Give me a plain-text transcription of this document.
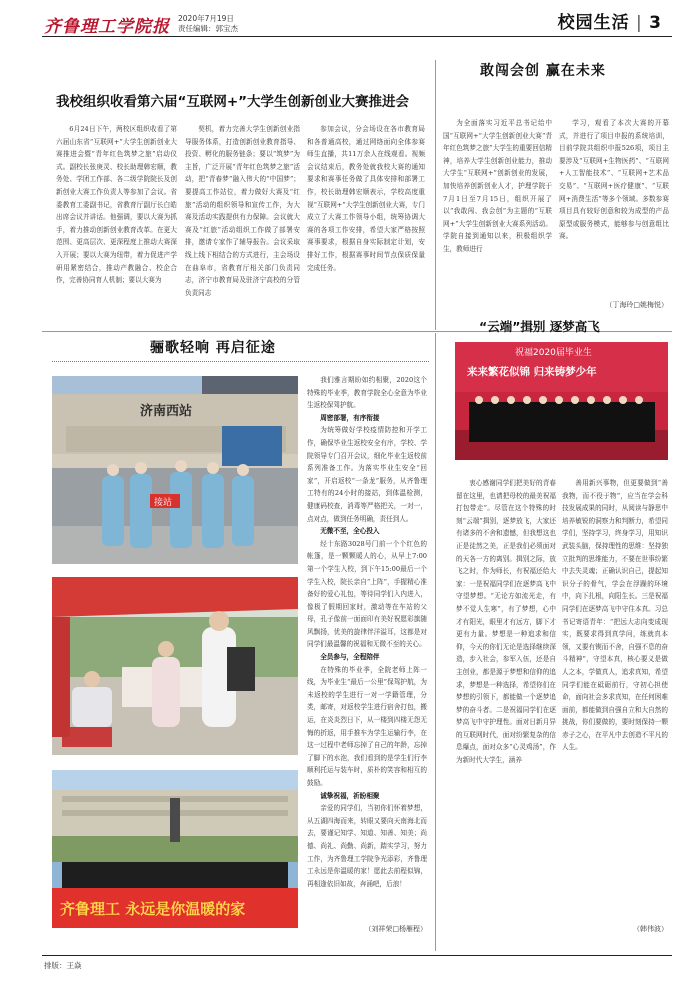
齐鲁理工学院报 2020年7月19日
责任编辑：郭宝杰	校园生活 | 3
我校组织收看第六届“互联网+”大学生创新创业大赛推进会

6月24日下午，两校区组织收看了第六届山东省“互联网+”大学生创新创业大赛推进会暨“青年红色筑梦之旅”启动仪式。副校长张庚灵、校长助理韩宏顺，教务处、学团工作部、各二级学院院长及创新创业大赛工作负责人等参加了会议。省委教育工委副书记，省教育厅副厅长白皓出席会议并讲话。他强调，要以大赛为抓手，着力推动创新创业教育改革。在更大范围、更高层次、更深程度上推动大赛深入开展；要以大赛为纽带，着力促进产学研用紧密结合，推动产教融合、校企合作，完善协同育人机制；要以大赛为

契机，着力完善大学生创新创业指导服务体系，打造创新创业教育指导、投资、孵化的服务链条；要以“筑梦”为主旨，广泛开展“青年红色筑梦之旅”活动，把“青春梦”融入伟大的“中国梦”；要提高工作站位，着力做好大赛及“红旅”活动的组织领导和宣传工作，为大赛及活动实践提供有力保障。会议就大赛及“红旅”活动组织工作做了部署安排，邀请专家作了辅导报告。会议采取线上线下相结合的方式进行，主会场设在曲阜市，省教育厅相关部门负责同志，济宁市教育局及驻济宁高校的分管负责同志

参加会议，分会场设在各市教育局和各普通高校，通过网络面向全体参赛师生直播，共11万余人在线观看。视频会议结束后，教务处就我校大赛的通知要求和赛事任务做了具体安排和部署工作，校长助理韩宏顺表示，学校高度重视“互联网+”大学生创新创业大赛，专门成立了大赛工作领导小组，统筹协调大赛的各项工作安排，希望大家严格按照赛事要求，根据自身实际制定计划，安排好工作，根据赛事时间节点保质保量完成任务。

敢闯会创 赢在未来

为全面落实习近平总书记给中国“互联网+”大学生创新创业大赛“青年红色筑梦之旅”大学生的重要回信精神，培养大学生创新创业能力，推动大学生“互联网+”创新创业的发展，加快培养创新创业人才，护理学院于7月1日至7月15日，组织开展了以“我敢闯、我会创”为主题的“互联网+”大学生创新创业大赛系列活动。学院自接到通知以来，积极组织学生，教师进行

学习，观看了本次大赛的开幕式，并进行了项目申报的系统培训，目前学院共组织申报526项，项目主要涉及“互联网+生物医药”、“互联网+人工智能技术”、“互联网+艺术品交易”、“互联网+医疗健康”、“互联网+消费生活”等多个领域。多数参赛项目具有较好创意和较为成型的产品原型或服务模式，能够参与创意组比赛。

（丁海玲□姚梅悦）
骊歌轻响 再启征途
济南西站
接站
齐鲁理工 永远是你温暖的家

我们雅言期盼如约相聚，2020这个特殊的毕业季，教育学院全心全意为毕业生返校保驾护航。

周密部署，有序衔接

为统筹做好学校疫情防控和开学工作，确保毕业生返校安全有序，学校、学院领导专门召开会议，细化毕业生返校前系列准备工作。为落实毕业生安全“回家”，开启返校“一条龙”服务，从齐鲁理工特有的24小时的接站，到体温检测，健康码校查，消毒等严格把关，一对一，点对点，做到任务明确，责任到人。

无微不至，全心投入

经十东路3028号门前一个个红色的帐篷，是一颗颗暖人的心，从早上7:00第一个学生入校，到下午15:00最后一个学生入校，院长亲自“上阵”，手握精心准备好的爱心礼包，等待同学们入内进入，像极了假期回家时，激动等在车站的父母，孔子像前一面面印有美好祝愿彩旗随风飘扬，优美的旋律伴洋溢耳，这都是对同学们最温馨的祝福和无微不至的关心。

全员参与，全程陪伴

在特殊的毕业季，全院老师上阵一线，为毕业生“最后一公里”保驾护航，为未返校的学生进行一对一学籍管理，分类，邮寄，对返校学生进行宿舍打包，搬运，在炎炎烈日下，从一楼到四楼无怨无悔的折返，用手推车为学生运输行李，在这一过程中老师忘掉了自己的年龄，忘掉了脚下的水泡，我们看到的是学生们行李顺利托运与装车时，质朴的笑容和相互的鼓励。

诚挚祝福，祈盼相聚

亲爱的同学们，当初你们怀着梦想，从五湖四海而来，转眼又要向天南海北而去，要谨记知学、知道、知善、知美；尚德、尚礼、尚勤、尚新，踏实学习，努力工作，为齐鲁理工学院争光添彩，齐鲁理工永远是你温暖的家！愿此去前程似锦，再相逢依旧如故，奔涌吧，后浪！

（刘祥荣□杨雁程）
“云端”揖别 逐梦高飞
祝福2020届毕业生
来来繁花似锦 归来铸梦少年

衷心感谢同学们把美好的青春留在这里，也请把母校的最美祝福打包带走”。尽管在这个特殊的时刻“云端”揖别，逐梦放飞，大家还有诸多的不舍和遗憾，但我想这也正是徒然之美，正是我们必须面对的天各一方的离别。揖别之际，放飞之时，作为师长，有祝福还给大家：一是祝福同学们在逐梦高飞中守望梦想。“无论方如流光走，有梦不觉人生寒”，有了梦想，心中才有阳光，眼里才有远方，脚下才更有力量。梦想是一种追求和信仰，今天的你们无论是选择继续深造，步入社会，参军入伍，还是自主创业，都是源于梦想和信仰的追求，梦想是一种选择，希望你们在梦想的引领下，都能做一个逐梦追梦的奋斗者。二是祝福同学们在逐梦高飞中守护理性。面对日新月异的互联网时代，面对纷繁复杂的信息爆点，面对众多“心灵鸡汤”，作为新时代大学生，涵养

善用新兴事物，但更要做到“善我物，而不役于物”，应当在学会科技发展成果的同时，从阅读与静思中培养敏锐的洞察力和判断力，希望同学们，坚持学习，终身学习，用知识武装头脑，保持理性的思维：坚持独立批判的思维能力，不要在世事纷繁中去失灵魂；正确认识自己，提起知识分子的骨气，学会在浮躁的环境中，向下扎根，向阳生长。三是祝福同学们在逐梦高飞中守住本真。习总书记寄语青年：“把远大志向变成现实，既要求得到真学问，练就真本领，又要有锲而不舍，自强不息的奋斗精神”，守望本真，核心要义是做人之本，学做真人，追求真知，希望同学们能在砥砺前行，守初心担使命，面向社会多求真知，在任何困难面前，都能做到自强自立和大自然的挑战，你们要做的，要时刻保持一颗赤子之心，在平凡中去创造不平凡的人生。

（韩伟波）
排版：王焱
